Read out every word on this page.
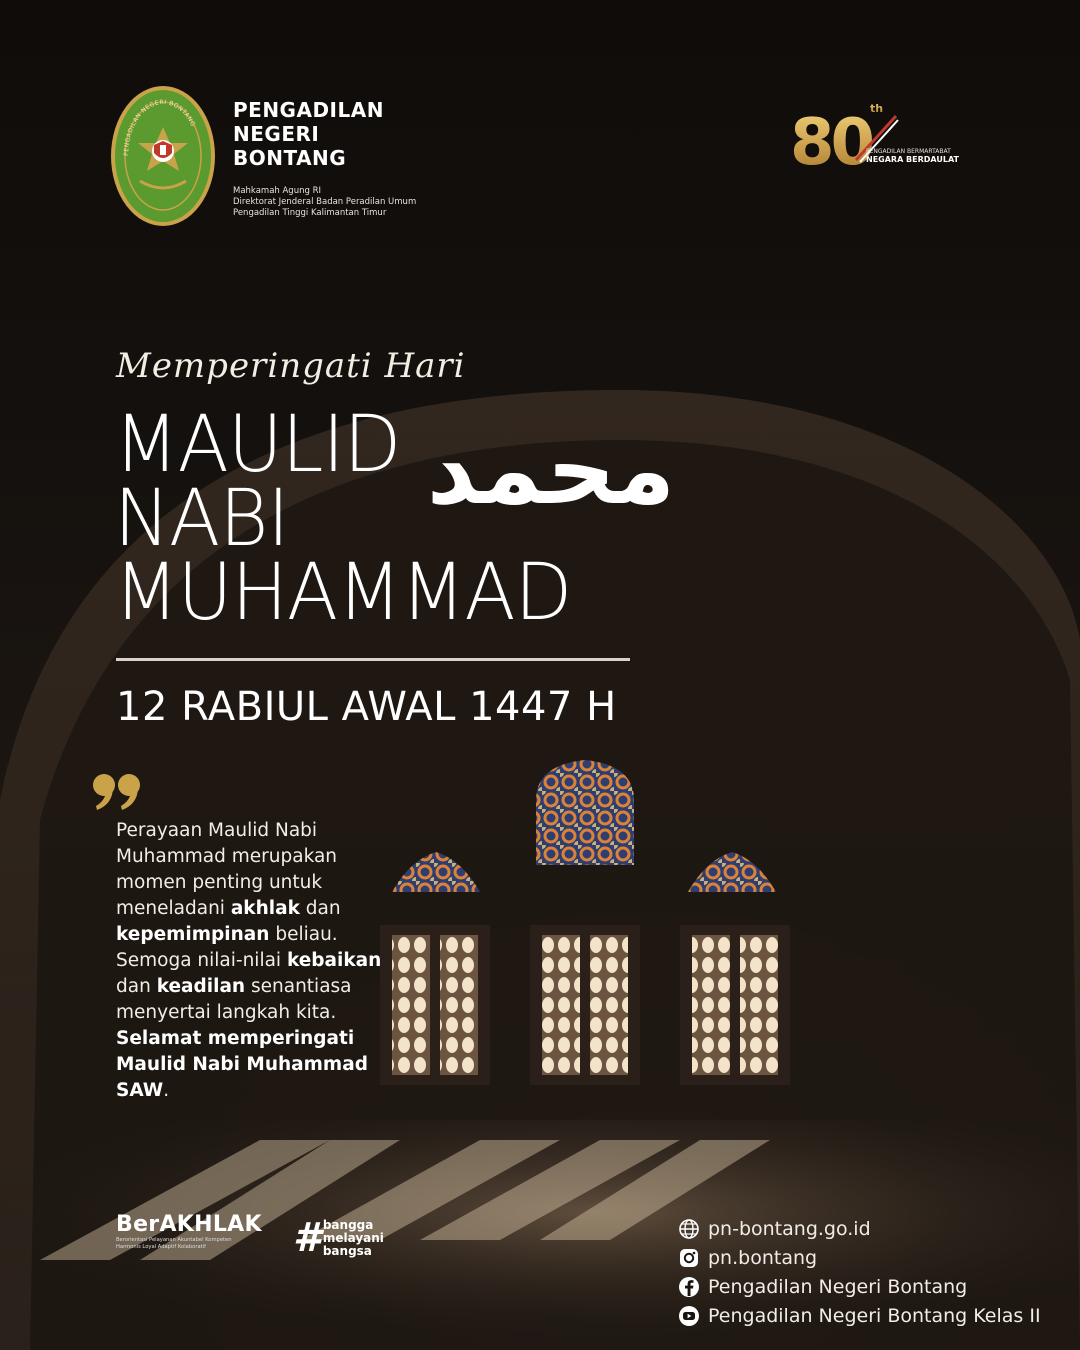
PENGADILAN NEGERI BONTANG
PENGADILAN
NEGERI
BONTANG
Mahkamah Agung RI
Direktorat Jenderal Badan Peradilan Umum
Pengadilan Tinggi Kalimantan Timur
80
th
PENGADILAN BERMARTABAT
NEGARA BERDAULAT
Memperingati Hari
MAULID
NABI
MUHAMMAD
محمد
12 RABIUL AWAL 1447 H
Perayaan Maulid Nabi Muhammad merupakan momen penting untuk meneladani akhlak dan kepemimpinan beliau. Semoga nilai-nilai kebaikan dan keadilan senantiasa menyertai langkah kita. Selamat memperingati Maulid Nabi Muhammad SAW.
BerAKHLAK
Berorientasi Pelayanan Akuntabel Kompeten
Harmonis Loyal Adaptif Kolaboratif	# bangga
melayani
bangsa
pn-bontang.go.id
pn.bontang
Pengadilan Negeri Bontang
Pengadilan Negeri Bontang Kelas II
